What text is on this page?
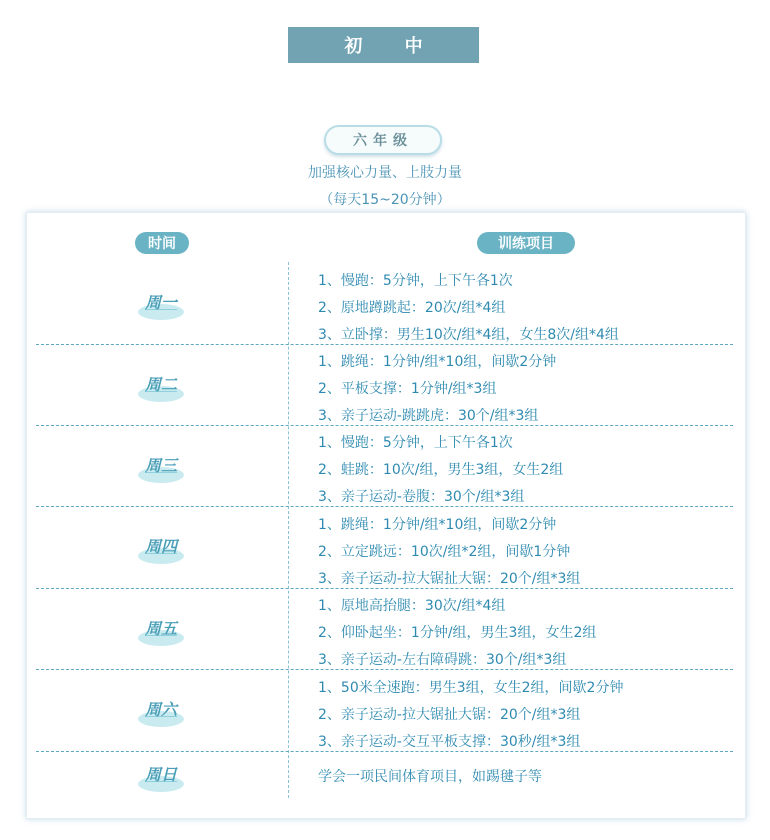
初 中
六年级
加强核心力量、上肢力量
（每天15~20分钟）
时间	训练项目
周一
1、慢跑：5分钟，上下午各1次
2、原地蹲跳起：20次/组*4组
3、立卧撑：男生10次/组*4组，女生8次/组*4组
周二
1、跳绳：1分钟/组*10组，间歇2分钟
2、平板支撑：1分钟/组*3组
3、亲子运动-跳跳虎：30个/组*3组
周三
1、慢跑：5分钟，上下午各1次
2、蛙跳：10次/组，男生3组，女生2组
3、亲子运动-卷腹：30个/组*3组
周四
1、跳绳：1分钟/组*10组，间歇2分钟
2、立定跳远：10次/组*2组，间歇1分钟
3、亲子运动-拉大锯扯大锯：20个/组*3组
周五
1、原地高抬腿：30次/组*4组
2、仰卧起坐：1分钟/组，男生3组，女生2组
3、亲子运动-左右障碍跳：30个/组*3组
周六
1、50米全速跑：男生3组，女生2组，间歇2分钟
2、亲子运动-拉大锯扯大锯：20个/组*3组
3、亲子运动-交互平板支撑：30秒/组*3组
周日	学会一项民间体育项目，如踢毽子等
